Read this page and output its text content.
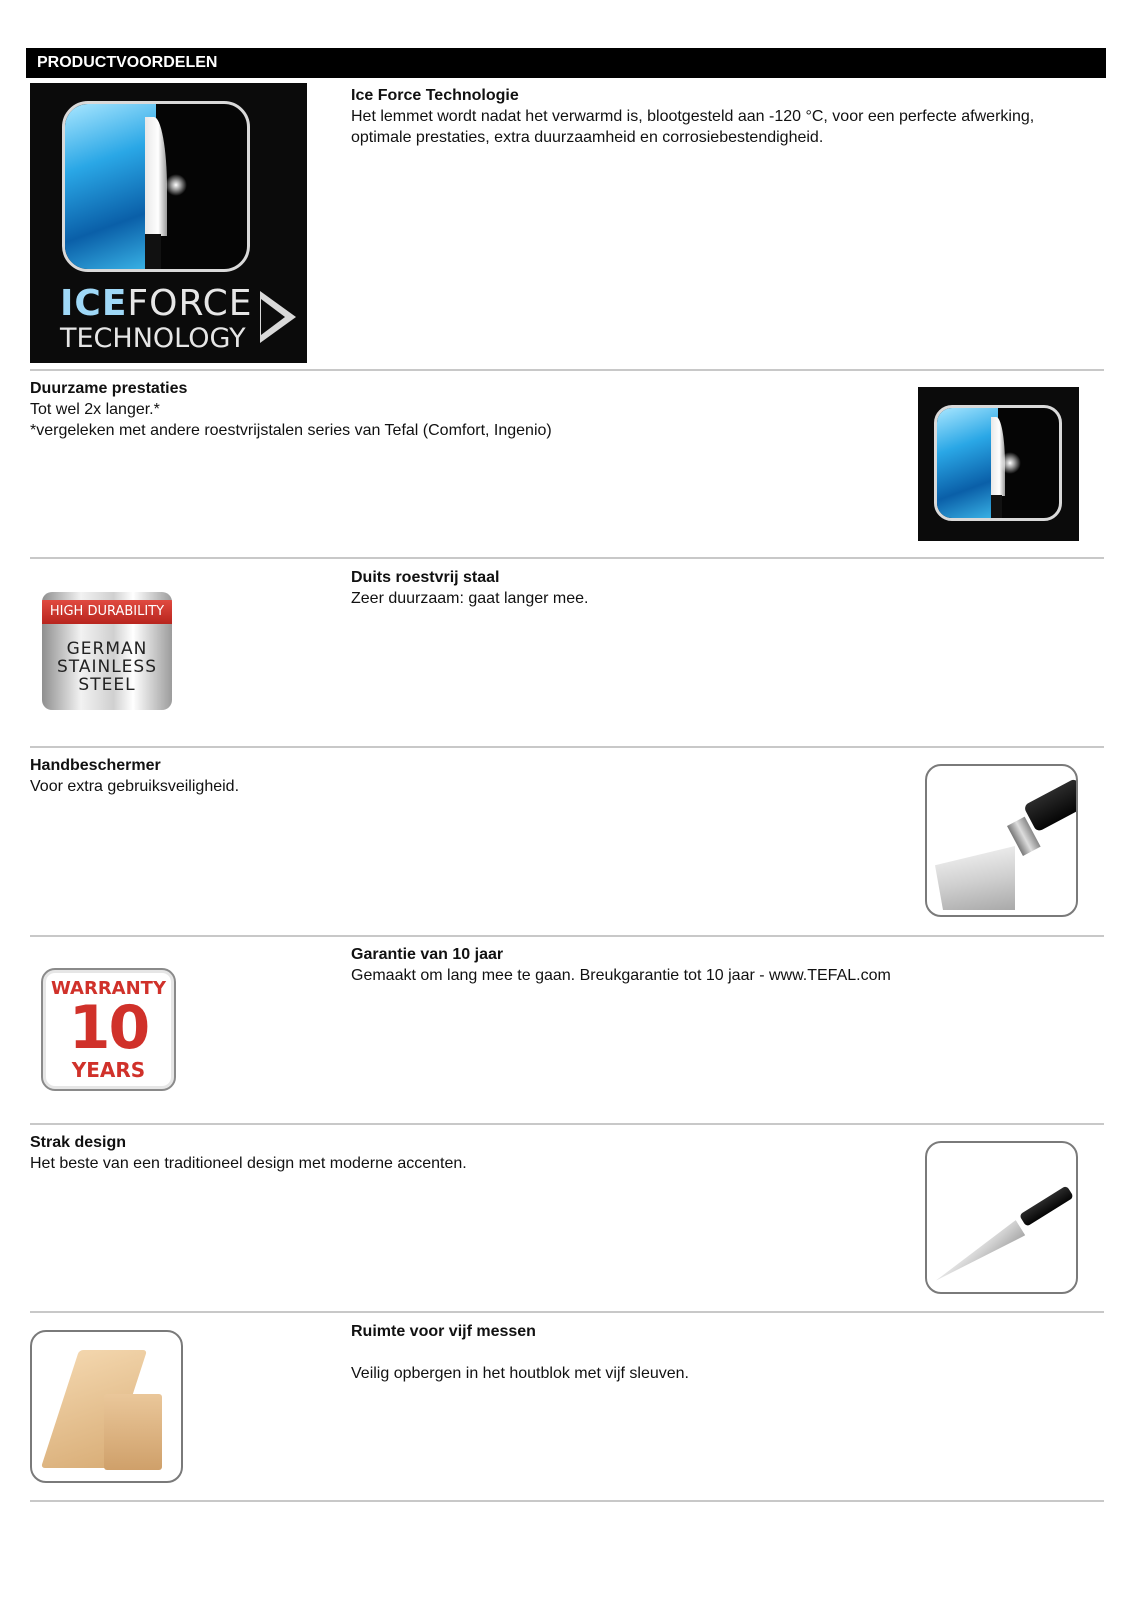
PRODUCTVOORDELEN
ICEFORCE
TECHNOLOGY
Ice Force Technologie
Het lemmet wordt nadat het verwarmd is, blootgesteld aan -120 °C, voor een perfecte afwerking,
optimale prestaties, extra duurzaamheid en corrosiebestendigheid.
Duurzame prestaties
Tot wel 2x langer.*
*vergeleken met andere roestvrijstalen series van Tefal (Comfort, Ingenio)
HIGH DURABILITY
GERMAN
STAINLESS
STEEL
Duits roestvrij staal
Zeer duurzaam: gaat langer mee.
Handbeschermer
Voor extra gebruiksveiligheid.
WARRANTY
10
YEARS
Garantie van 10 jaar
Gemaakt om lang mee te gaan. Breukgarantie tot 10 jaar - www.TEFAL.com
Strak design
Het beste van een traditioneel design met moderne accenten.
Ruimte voor vijf messen
Veilig opbergen in het houtblok met vijf sleuven.
